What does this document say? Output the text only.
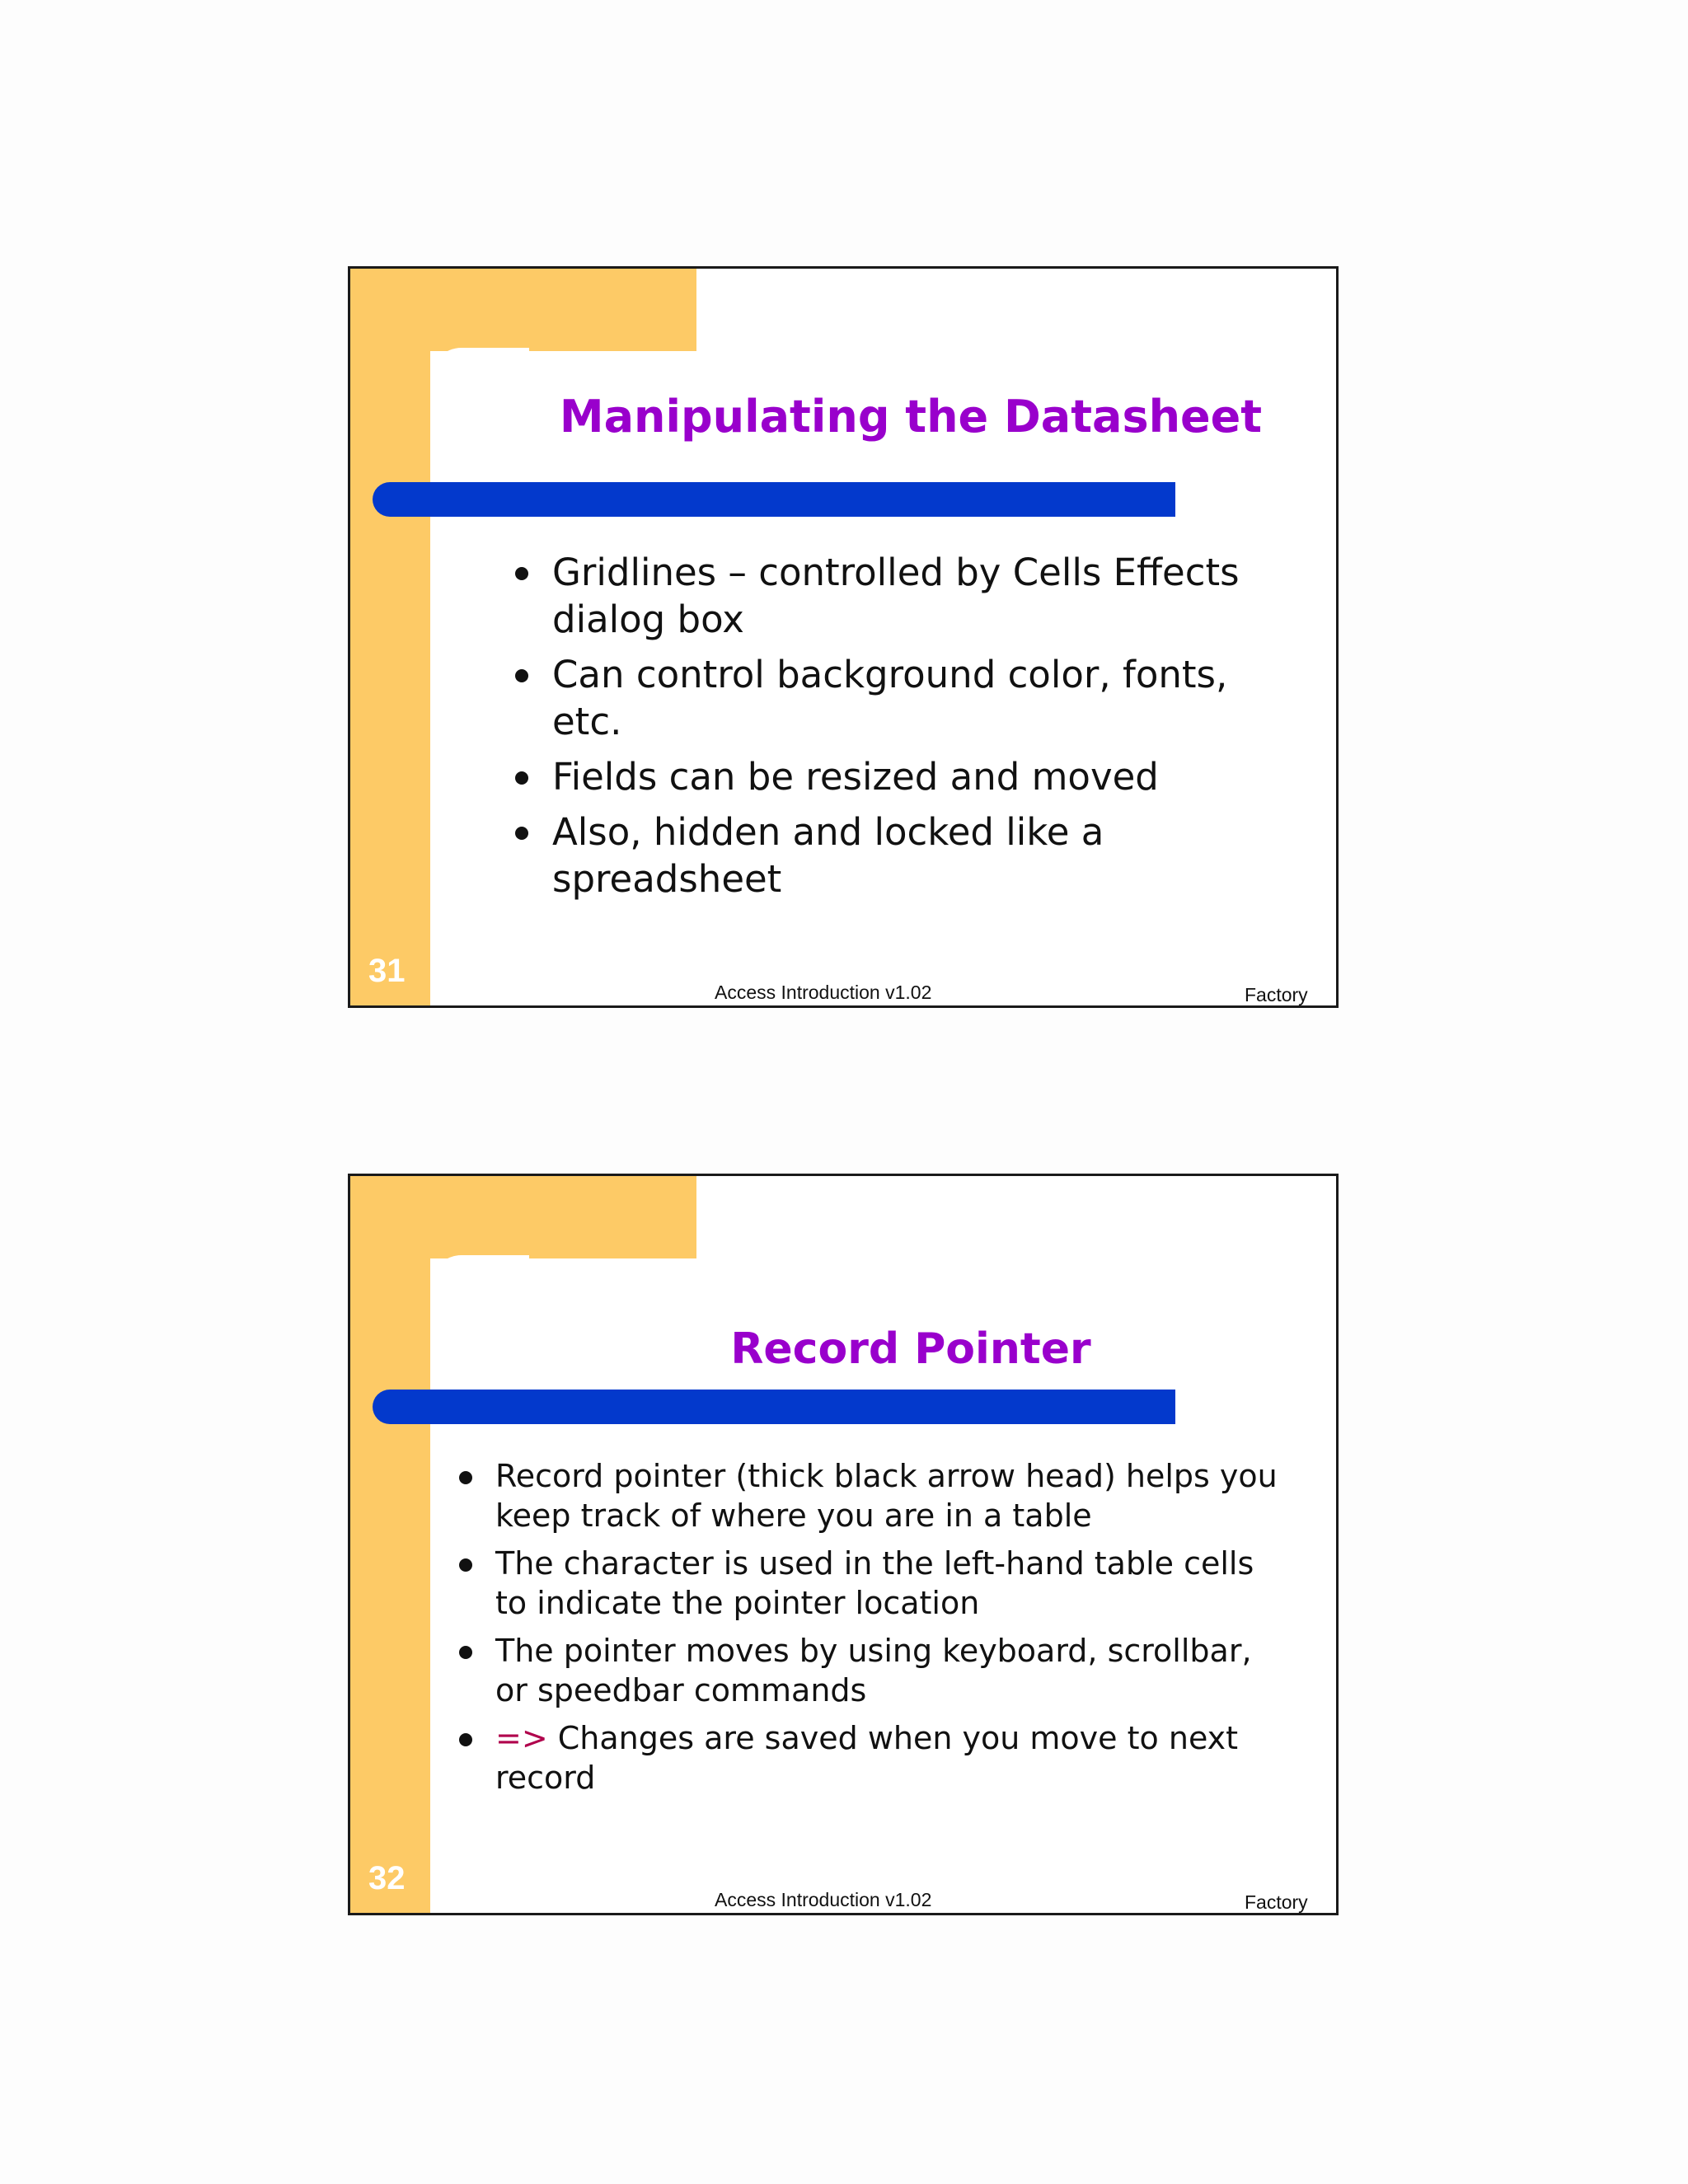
Manipulating the Datasheet
Gridlines – controlled by Cells Effects dialog box
Can control background color, fonts, etc.
Fields can be resized and moved
Also, hidden and locked like a spreadsheet
31
Access Introduction v1.02	Factory
Record Pointer
Record pointer (thick black arrow head) helps you keep track of where you are in a table
The character is used in the left-hand table cells to indicate the pointer location
The pointer moves by using keyboard, scrollbar, or speedbar commands
=> Changes are saved when you move to next record
32
Access Introduction v1.02	Factory
